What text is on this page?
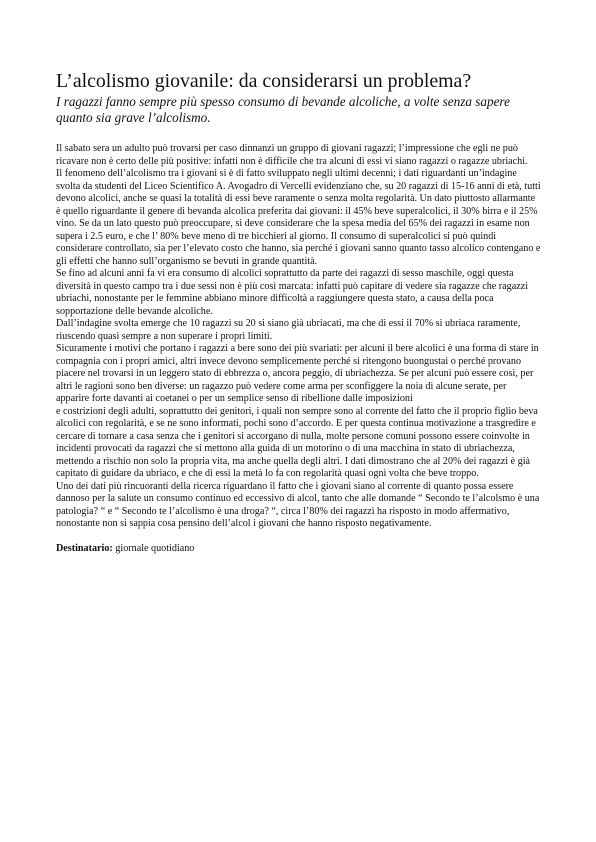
L’alcolismo giovanile: da considerarsi un problema?

I ragazzi fanno sempre più spesso consumo di bevande alcoliche, a volte senza sapere quanto sia grave l’alcolismo.

Il sabato sera un adulto può trovarsi per caso dinnanzi un gruppo di giovani ragazzi; l’impressione che egli ne può ricavare non è certo delle più positive: infatti non è difficile che tra alcuni di essi vi siano ragazzi o ragazze ubriachi.

Il fenomeno dell’alcolismo tra i giovani si è di fatto sviluppato negli ultimi decenni; i dati riguardanti un’indagine svolta da studenti del Liceo Scientifico A. Avogadro di Vercelli evidenziano che, su 20 ragazzi di 15-16 anni di età, tutti devono alcolici, anche se quasi la totalità di essi beve raramente o senza molta regolarità. Un dato piuttosto allarmante è quello riguardante il genere di bevanda alcolica preferita dai giovani: il 45% beve superalcolici, il 30% birra e il 25% vino. Se da un lato questo può preoccupare, si deve considerare che la spesa media del 65% dei ragazzi in esame non supera i 2.5 euro, e che l’ 80% beve meno di tre bicchieri al giorno. Il consumo di superalcolici si può quindi considerare controllato, sia per l’elevato costo che hanno, sia perché i giovani sanno quanto tasso alcolico contengano e gli effetti che hanno sull’organismo se bevuti in grande quantità.

Se fino ad alcuni anni fa vi era consumo di alcolici soprattutto da parte dei ragazzi di sesso maschile, oggi questa diversità in questo campo tra i due sessi non è più così marcata: infatti può capitare di vedere sia ragazze che ragazzi ubriachi, nonostante per le femmine abbiano minore difficoltà a raggiungere questa stato, a causa della poca sopportazione delle bevande alcoliche.

Dall’indagine svolta emerge che 10 ragazzi su 20 si siano già ubriacati, ma che di essi il 70% si ubriaca raramente, riuscendo quasi sempre a non superare i propri limiti.

Sicuramente i motivi che portano i ragazzi a bere sono dei più svariati: per alcuni il bere alcolici è una forma di stare in compagnia con i propri amici, altri invece devono semplicemente perché si ritengono buongustai o perché provano piacere nel trovarsi in un leggero stato di ebbrezza o, ancora peggio, di ubriachezza. Se per alcuni può essere così, per altri le ragioni sono ben diverse: un ragazzo può vedere come arma per sconfiggere la noia di alcune serate, per apparire forte davanti ai coetanei o per un semplice senso di ribellione dalle imposizioni

e costrizioni degli adulti, soprattutto dei genitori, i quali non sempre sono al corrente del fatto che il proprio figlio beva alcolici con regolarità, e se ne sono informati, pochi sono d’accordo. E per questa continua motivazione a trasgredire e cercare di tornare a casa senza che i genitori si accorgano di nulla, molte persone comuni possono essere coinvolte in incidenti provocati da ragazzi che si mettono alla guida di un motorino o di una macchina in stato di ubriachezza, mettendo a rischio non solo la propria vita, ma anche quella degli altri. I dati dimostrano che al 20% dei ragazzi è già capitato di guidare da ubriaco, e che di essi la metà lo fa con regolarità quasi ogni volta che beve troppo.

Uno dei dati più rincuoranti della ricerca riguardano il fatto che i giovani siano al corrente di quanto possa essere dannoso per la salute un consumo continuo ed eccessivo di alcol, tanto che alle domande “ Secondo te l’alcolsmo è una patologia? “ e “ Secondo te l’alcolismo è una droga? “, circa l’80% dei ragazzi ha risposto in modo affermativo, nonostante non si sappia cosa pensino dell’alcol i giovani che hanno risposto negativamente.

Destinatario: giornale quotidiano
